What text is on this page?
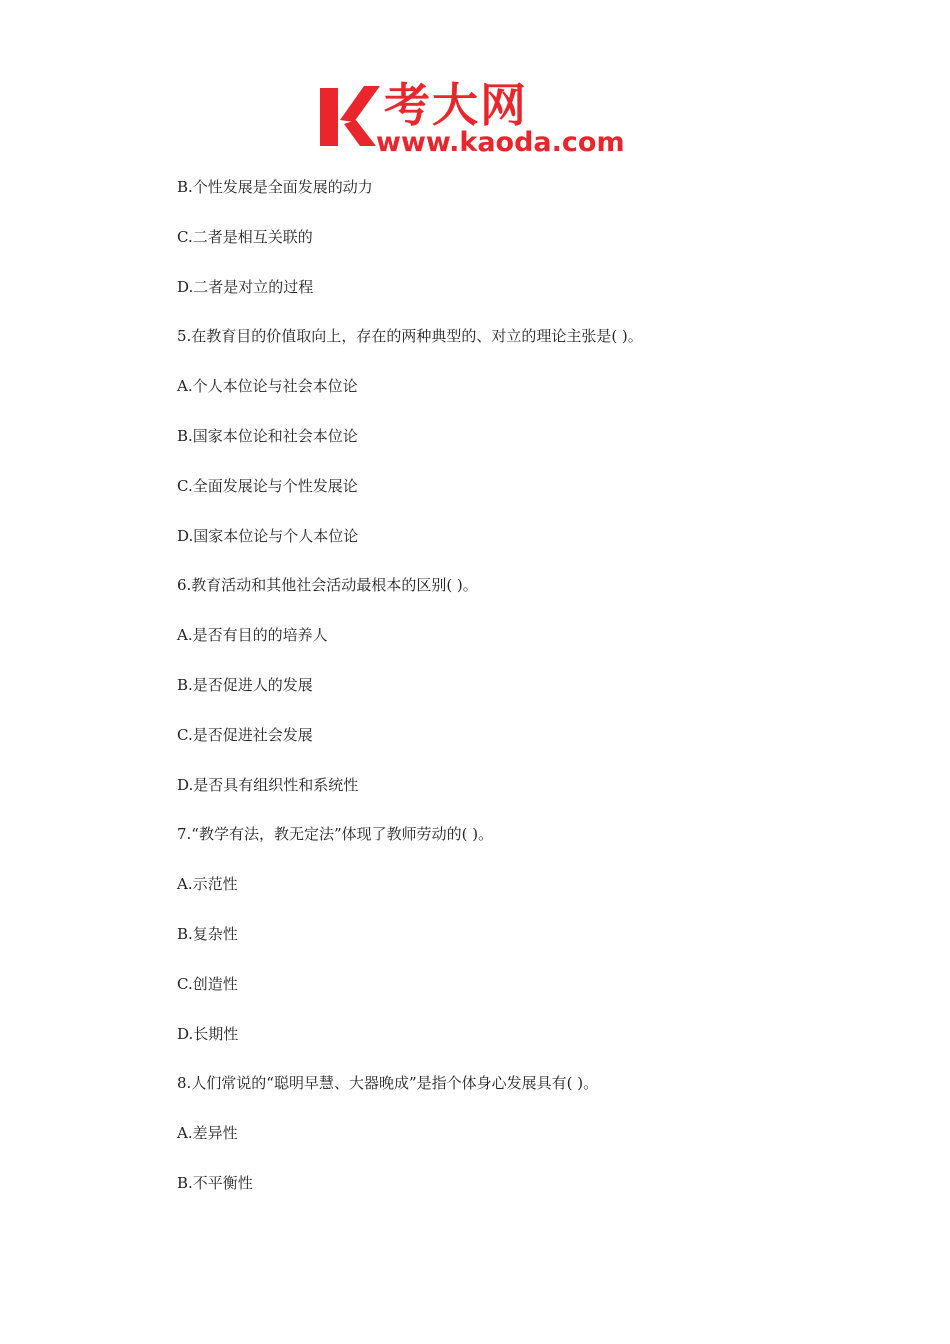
考大网
www.kaoda.com
B.个性发展是全面发展的动力
C.二者是相互关联的
D.二者是对立的过程
5.在教育目的价值取向上，存在的两种典型的、对立的理论主张是( )。
A.个人本位论与社会本位论
B.国家本位论和社会本位论
C.全面发展论与个性发展论
D.国家本位论与个人本位论
6.教育活动和其他社会活动最根本的区别( )。
A.是否有目的的培养人
B.是否促进人的发展
C.是否促进社会发展
D.是否具有组织性和系统性
7.“教学有法，教无定法”体现了教师劳动的( )。
A.示范性
B.复杂性
C.创造性
D.长期性
8.人们常说的“聪明早慧、大器晚成”是指个体身心发展具有( )。
A.差异性
B.不平衡性
